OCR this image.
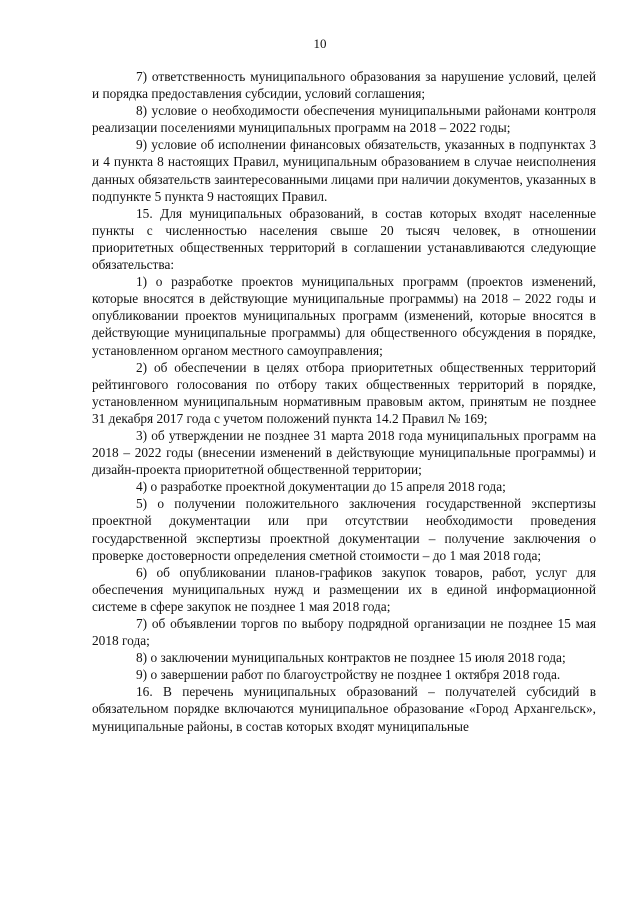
10

7) ответственность муниципального образования за нарушение условий, целей и порядка предоставления субсидии, условий соглашения;

8) условие о необходимости обеспечения муниципальными районами контроля реализации поселениями муниципальных программ на 2018 – 2022 годы;

9) условие об исполнении финансовых обязательств, указанных в подпунктах 3 и 4 пункта 8 настоящих Правил, муниципальным образованием в случае неисполнения данных обязательств заинтересованными лицами при наличии документов, указанных в подпункте 5 пункта 9 настоящих Правил.

15. Для муниципальных образований, в состав которых входят населенные пункты с численностью населения свыше 20 тысяч человек, в отношении приоритетных общественных территорий в соглашении устанавливаются следующие обязательства:

1) о разработке проектов муниципальных программ (проектов изменений, которые вносятся в действующие муниципальные программы) на 2018 – 2022 годы и опубликовании проектов муниципальных программ (изменений, которые вносятся в действующие муниципальные программы) для общественного обсуждения в порядке, установленном органом местного самоуправления;

2) об обеспечении в целях отбора приоритетных общественных территорий рейтингового голосования по отбору таких общественных территорий в порядке, установленном муниципальным нормативным правовым актом, принятым не позднее 31 декабря 2017 года с учетом положений пункта 14.2 Правил № 169;

3) об утверждении не позднее 31 марта 2018 года муниципальных программ на 2018 – 2022 годы (внесении изменений в действующие муниципальные программы) и дизайн-проекта приоритетной общественной территории;

4) о разработке проектной документации до 15 апреля 2018 года;

5) о получении положительного заключения государственной экспертизы проектной документации или при отсутствии необходимости проведения государственной экспертизы проектной документации – получение заключения о проверке достоверности определения сметной стоимости – до 1 мая 2018 года;

6) об опубликовании планов-графиков закупок товаров, работ, услуг для обеспечения муниципальных нужд и размещении их в единой информационной системе в сфере закупок не позднее 1 мая 2018 года;

7) об объявлении торгов по выбору подрядной организации не позднее 15 мая 2018 года;

8) о заключении муниципальных контрактов не позднее 15 июля 2018 года;

9) о завершении работ по благоустройству не позднее 1 октября 2018 года.

16. В перечень муниципальных образований – получателей субсидий в обязательном порядке включаются муниципальное образование «Город Архангельск», муниципальные районы, в состав которых входят муниципальные
